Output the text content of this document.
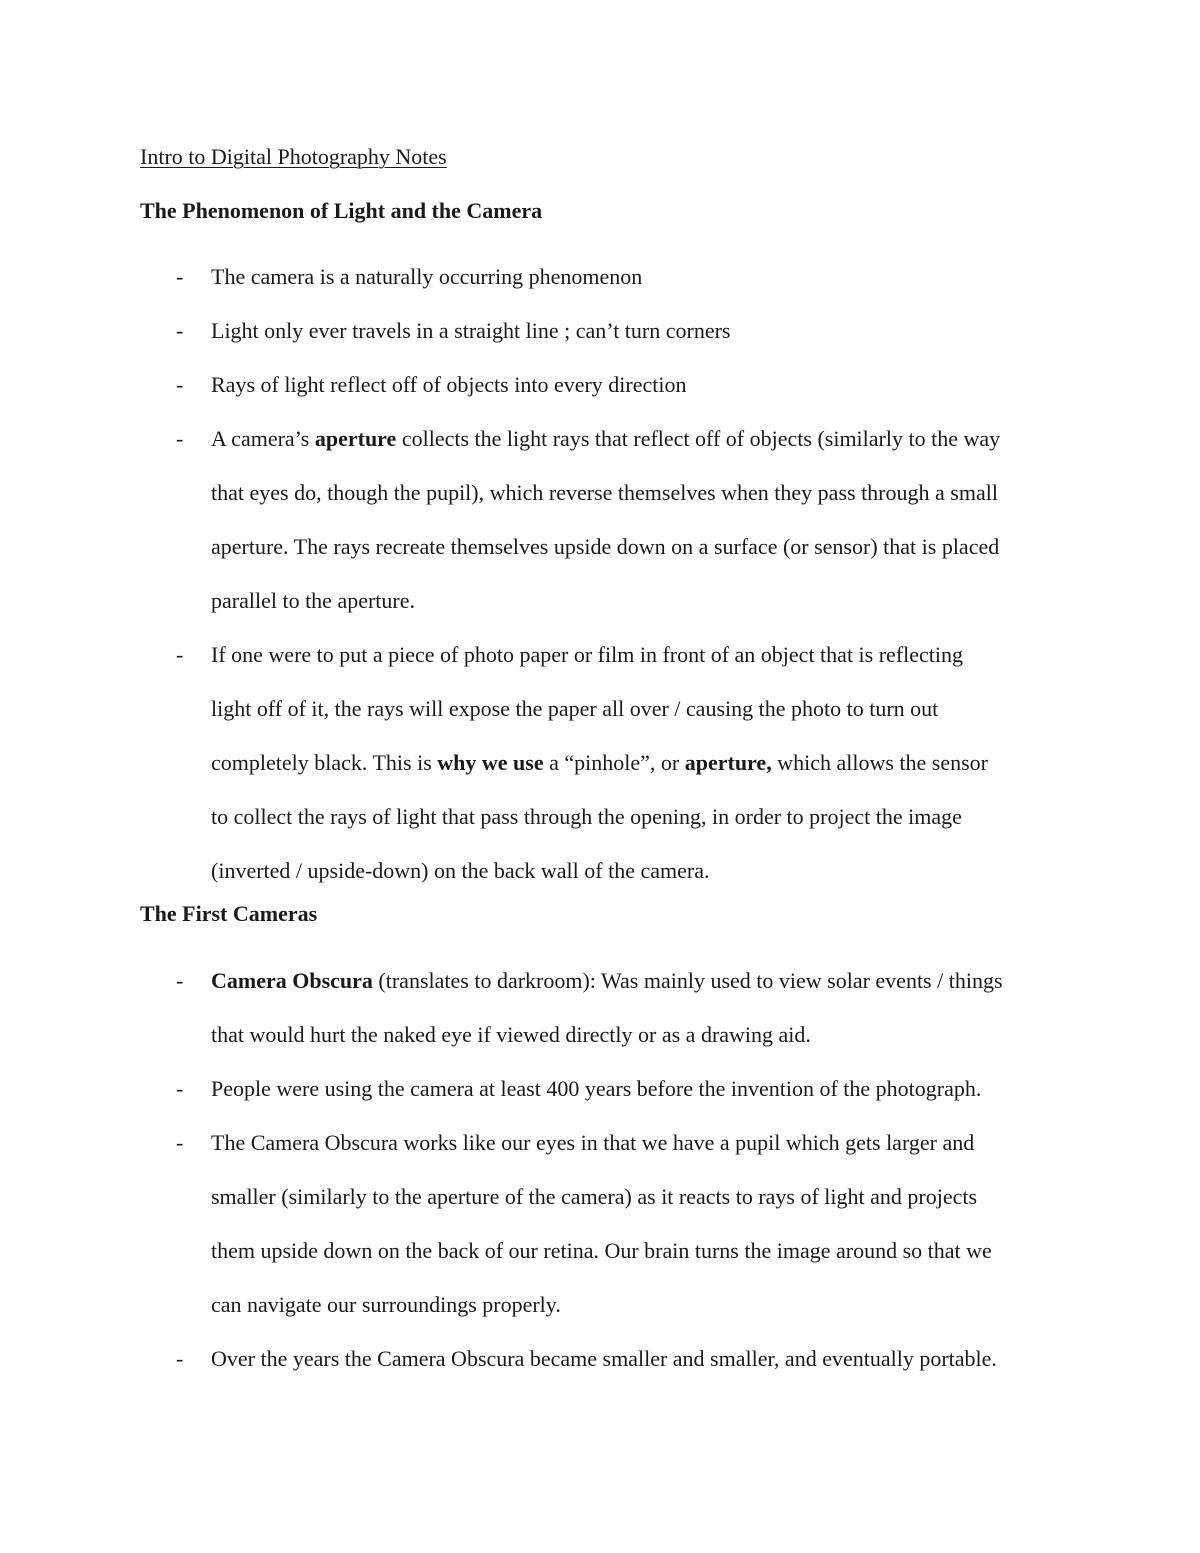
Intro to Digital Photography Notes
The Phenomenon of Light and the Camera
- The camera is a naturally occurring phenomenon
- Light only ever travels in a straight line ; can’t turn corners
- Rays of light reflect off of objects into every direction
- A camera’s aperture collects the light rays that reflect off of objects (similarly to the way
that eyes do, though the pupil), which reverse themselves when they pass through a small
aperture. The rays recreate themselves upside down on a surface (or sensor) that is placed
parallel to the aperture.
- If one were to put a piece of photo paper or film in front of an object that is reflecting
light off of it, the rays will expose the paper all over / causing the photo to turn out
completely black. This is why we use a “pinhole”, or aperture, which allows the sensor
to collect the rays of light that pass through the opening, in order to project the image
(inverted / upside-down) on the back wall of the camera.
The First Cameras
- Camera Obscura (translates to darkroom): Was mainly used to view solar events / things
that would hurt the naked eye if viewed directly or as a drawing aid.
- People were using the camera at least 400 years before the invention of the photograph.
- The Camera Obscura works like our eyes in that we have a pupil which gets larger and
smaller (similarly to the aperture of the camera) as it reacts to rays of light and projects
them upside down on the back of our retina. Our brain turns the image around so that we
can navigate our surroundings properly.
- Over the years the Camera Obscura became smaller and smaller, and eventually portable.
